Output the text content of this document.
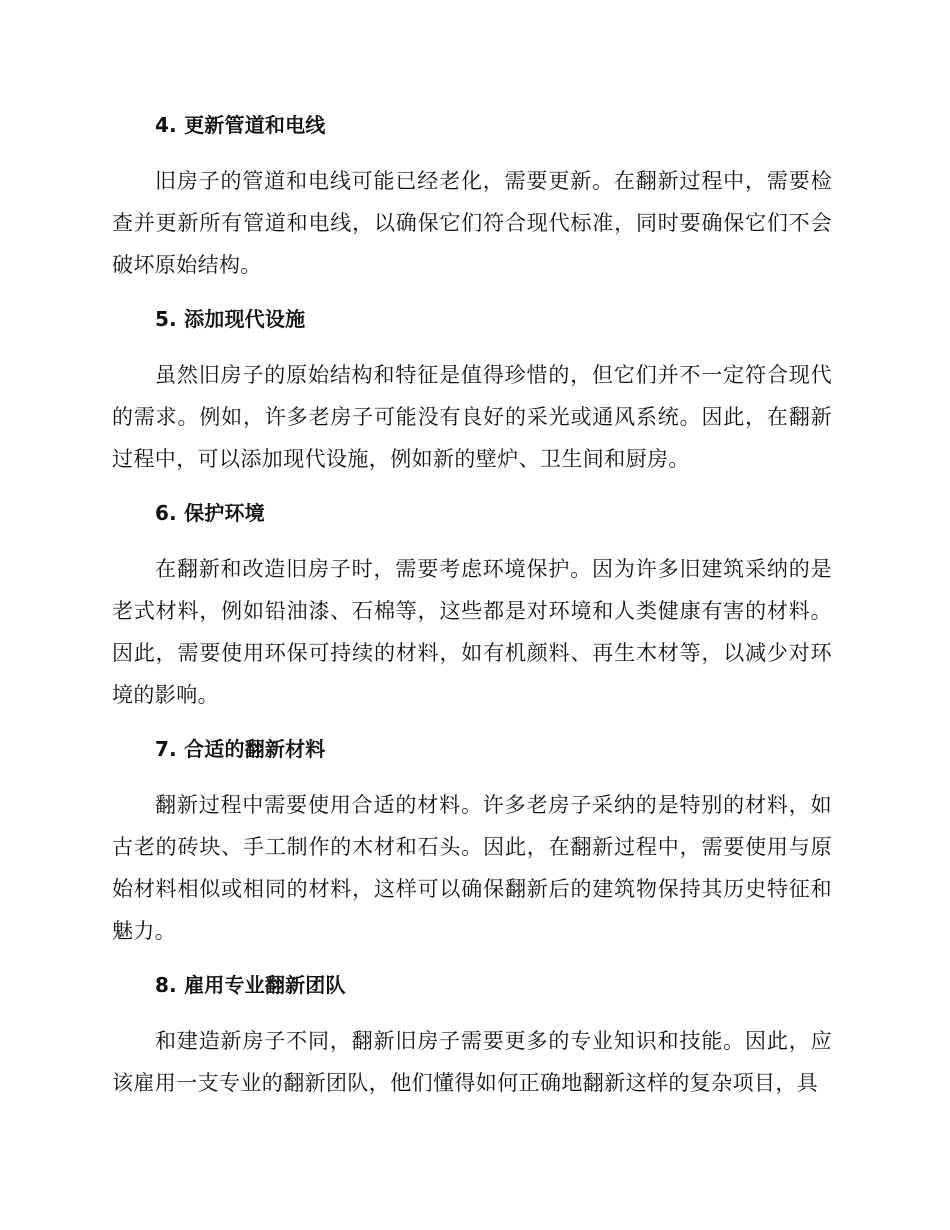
4. 更新管道和电线

旧房子的管道和电线可能已经老化，需要更新。在翻新过程中，需要检查并更新所有管道和电线，以确保它们符合现代标准，同时要确保它们不会破坏原始结构。

5. 添加现代设施

虽然旧房子的原始结构和特征是值得珍惜的，但它们并不一定符合现代的需求。例如，许多老房子可能没有良好的采光或通风系统。因此，在翻新过程中，可以添加现代设施，例如新的壁炉、卫生间和厨房。

6. 保护环境

在翻新和改造旧房子时，需要考虑环境保护。因为许多旧建筑采纳的是老式材料，例如铅油漆、石棉等，这些都是对环境和人类健康有害的材料。因此，需要使用环保可持续的材料，如有机颜料、再生木材等，以减少对环境的影响。

7. 合适的翻新材料

翻新过程中需要使用合适的材料。许多老房子采纳的是特别的材料，如古老的砖块、手工制作的木材和石头。因此，在翻新过程中，需要使用与原始材料相似或相同的材料，这样可以确保翻新后的建筑物保持其历史特征和魅力。

8. 雇用专业翻新团队

和建造新房子不同，翻新旧房子需要更多的专业知识和技能。因此，应该雇用一支专业的翻新团队，他们懂得如何正确地翻新这样的复杂项目，具
